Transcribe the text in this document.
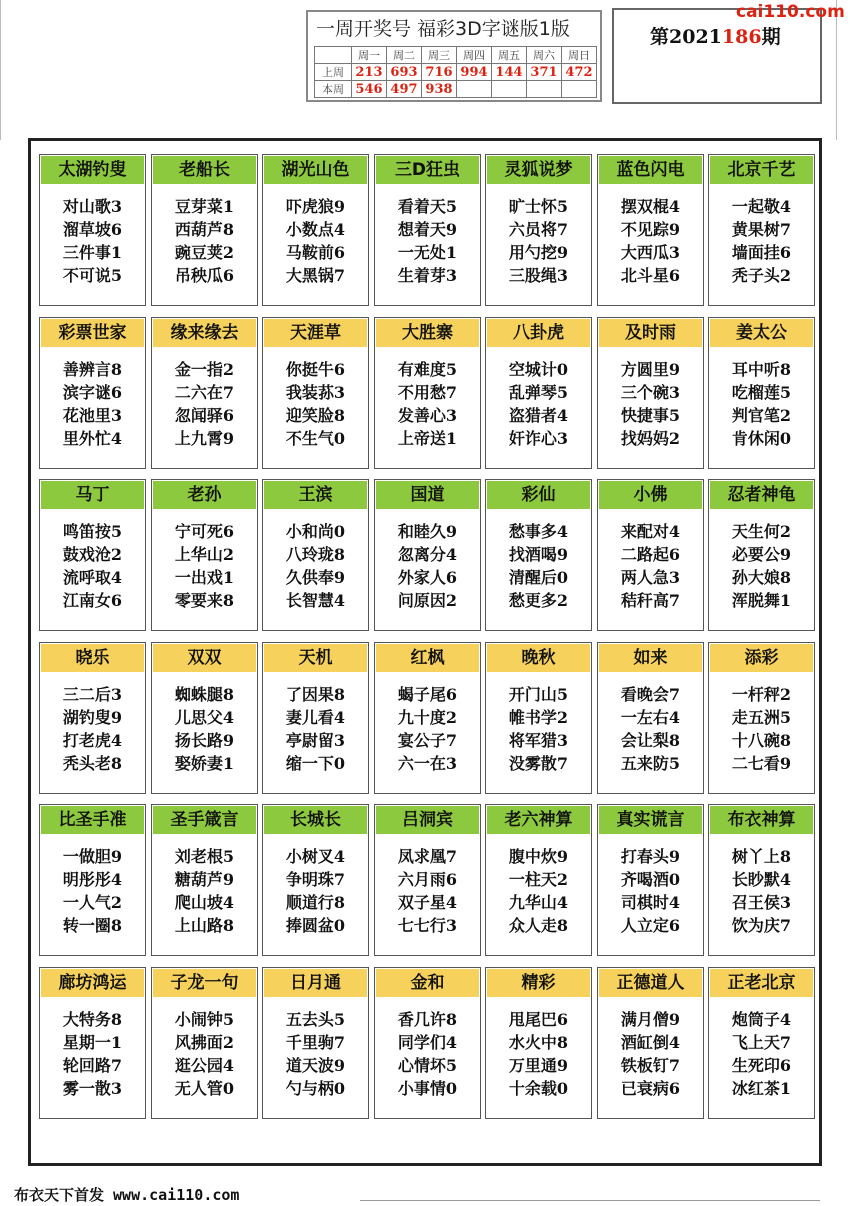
一周开奖号 福彩3D字谜版1版
	周一	周二	周三	周四	周五	周六	周日
上周	213	693	716	994	144	371	472
本周	546	497	938				
第2021186期
cai110.com
太湖钓叟
对山歌3
溜草坡6
三件事1
不可说5
老船长
豆芽菜1
西葫芦8
豌豆荚2
吊秧瓜6
湖光山色
吓虎狼9
小数点4
马鞍前6
大黑锅7
三D狂虫
看着天5
想着天9
一无处1
生着芽3
灵狐说梦
旷士怀5
六员将7
用勺挖9
三股绳3
蓝色闪电
摆双棍4
不见踪9
大西瓜3
北斗星6
北京千艺
一起敬4
黄果树7
墙面挂6
秃子头2
彩票世家
善辨言8
滨字谜6
花池里3
里外忙4
缘来缘去
金一指2
二六在7
忽闻驿6
上九霄9
天涯草
你挺牛6
我装荪3
迎笑脸8
不生气0
大胜寨
有难度5
不用愁7
发善心3
上帝送1
八卦虎
空城计0
乱弹琴5
盗猎者4
奸诈心3
及时雨
方圆里9
三个碗3
快捷事5
找妈妈2
姜太公
耳中听8
吃榴莲5
判官笔2
肯休闲0
马丁
鸣笛按5
鼓戏沧2
流呼取4
江南女6
老孙
宁可死6
上华山2
一出戏1
零要来8
王滨
小和尚0
八玲珑8
久供奉9
长智慧4
国道
和睦久9
忽离分4
外家人6
问原因2
彩仙
愁事多4
找酒喝9
清醒后0
愁更多2
小佛
来配对4
二路起6
两人急3
秸秆高7
忍者神龟
天生何2
必要公9
孙大娘8
浑脱舞1
晓乐
三二后3
湖钓叟9
打老虎4
秃头老8
双双
蜘蛛腿8
儿思父4
扬长路9
娶娇妻1
天机
了因果8
妻儿看4
亭尉留3
缩一下0
红枫
蝎子尾6
九十度2
宴公子7
六一在3
晚秋
开门山5
帷书学2
将军猎3
没雾散7
如来
看晚会7
一左右4
会让梨8
五来防5
添彩
一杆秤2
走五洲5
十八碗8
二七看9
比圣手准
一做胆9
明彤彤4
一人气2
转一圈8
圣手箴言
刘老根5
糖葫芦9
爬山坡4
上山路8
长城长
小树叉4
争明珠7
顺道行8
捧圆盆0
吕洞宾
凤求凰7
六月雨6
双子星4
七七行3
老六神算
腹中炊9
一柱天2
九华山4
众人走8
真实谎言
打春头9
齐喝酒0
司棋时4
人立定6
布衣神算
树丫上8
长眇默4
召王侯3
饮为庆7
廊坊鸿运
大特务8
星期一1
轮回路7
雾一散3
子龙一句
小闹钟5
风拂面2
逛公园4
无人管0
日月通
五去头5
千里驹7
道天波9
勺与柄0
金和
香几许8
同学们4
心情坏5
小事情0
精彩
甩尾巴6
水火中8
万里通9
十余载0
正德道人
满月僧9
酒缸倒4
铁板钉7
已衰病6
正老北京
炮筒子4
飞上天7
生死印6
冰红茶1
布衣天下首发 www.cai110.com
